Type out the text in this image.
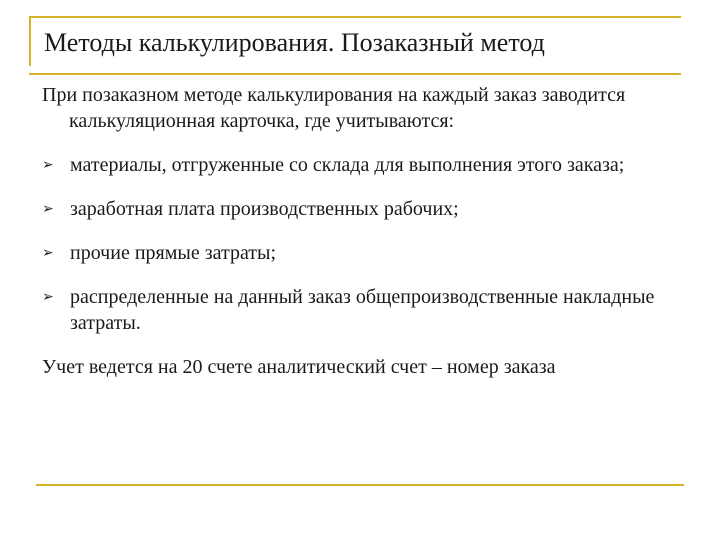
Методы калькулирования. Позаказный метод

При позаказном методе калькулирования на каждый заказ заводится калькуляционная карточка, где учитываются:

➢ материалы, отгруженные со склада для выполнения этого заказа;
➢ заработная плата производственных рабочих;
➢ прочие прямые затраты;
➢ распределенные на данный заказ общепроизводственные накладные затраты.

Учет ведется на 20 счете аналитический счет – номер заказа
